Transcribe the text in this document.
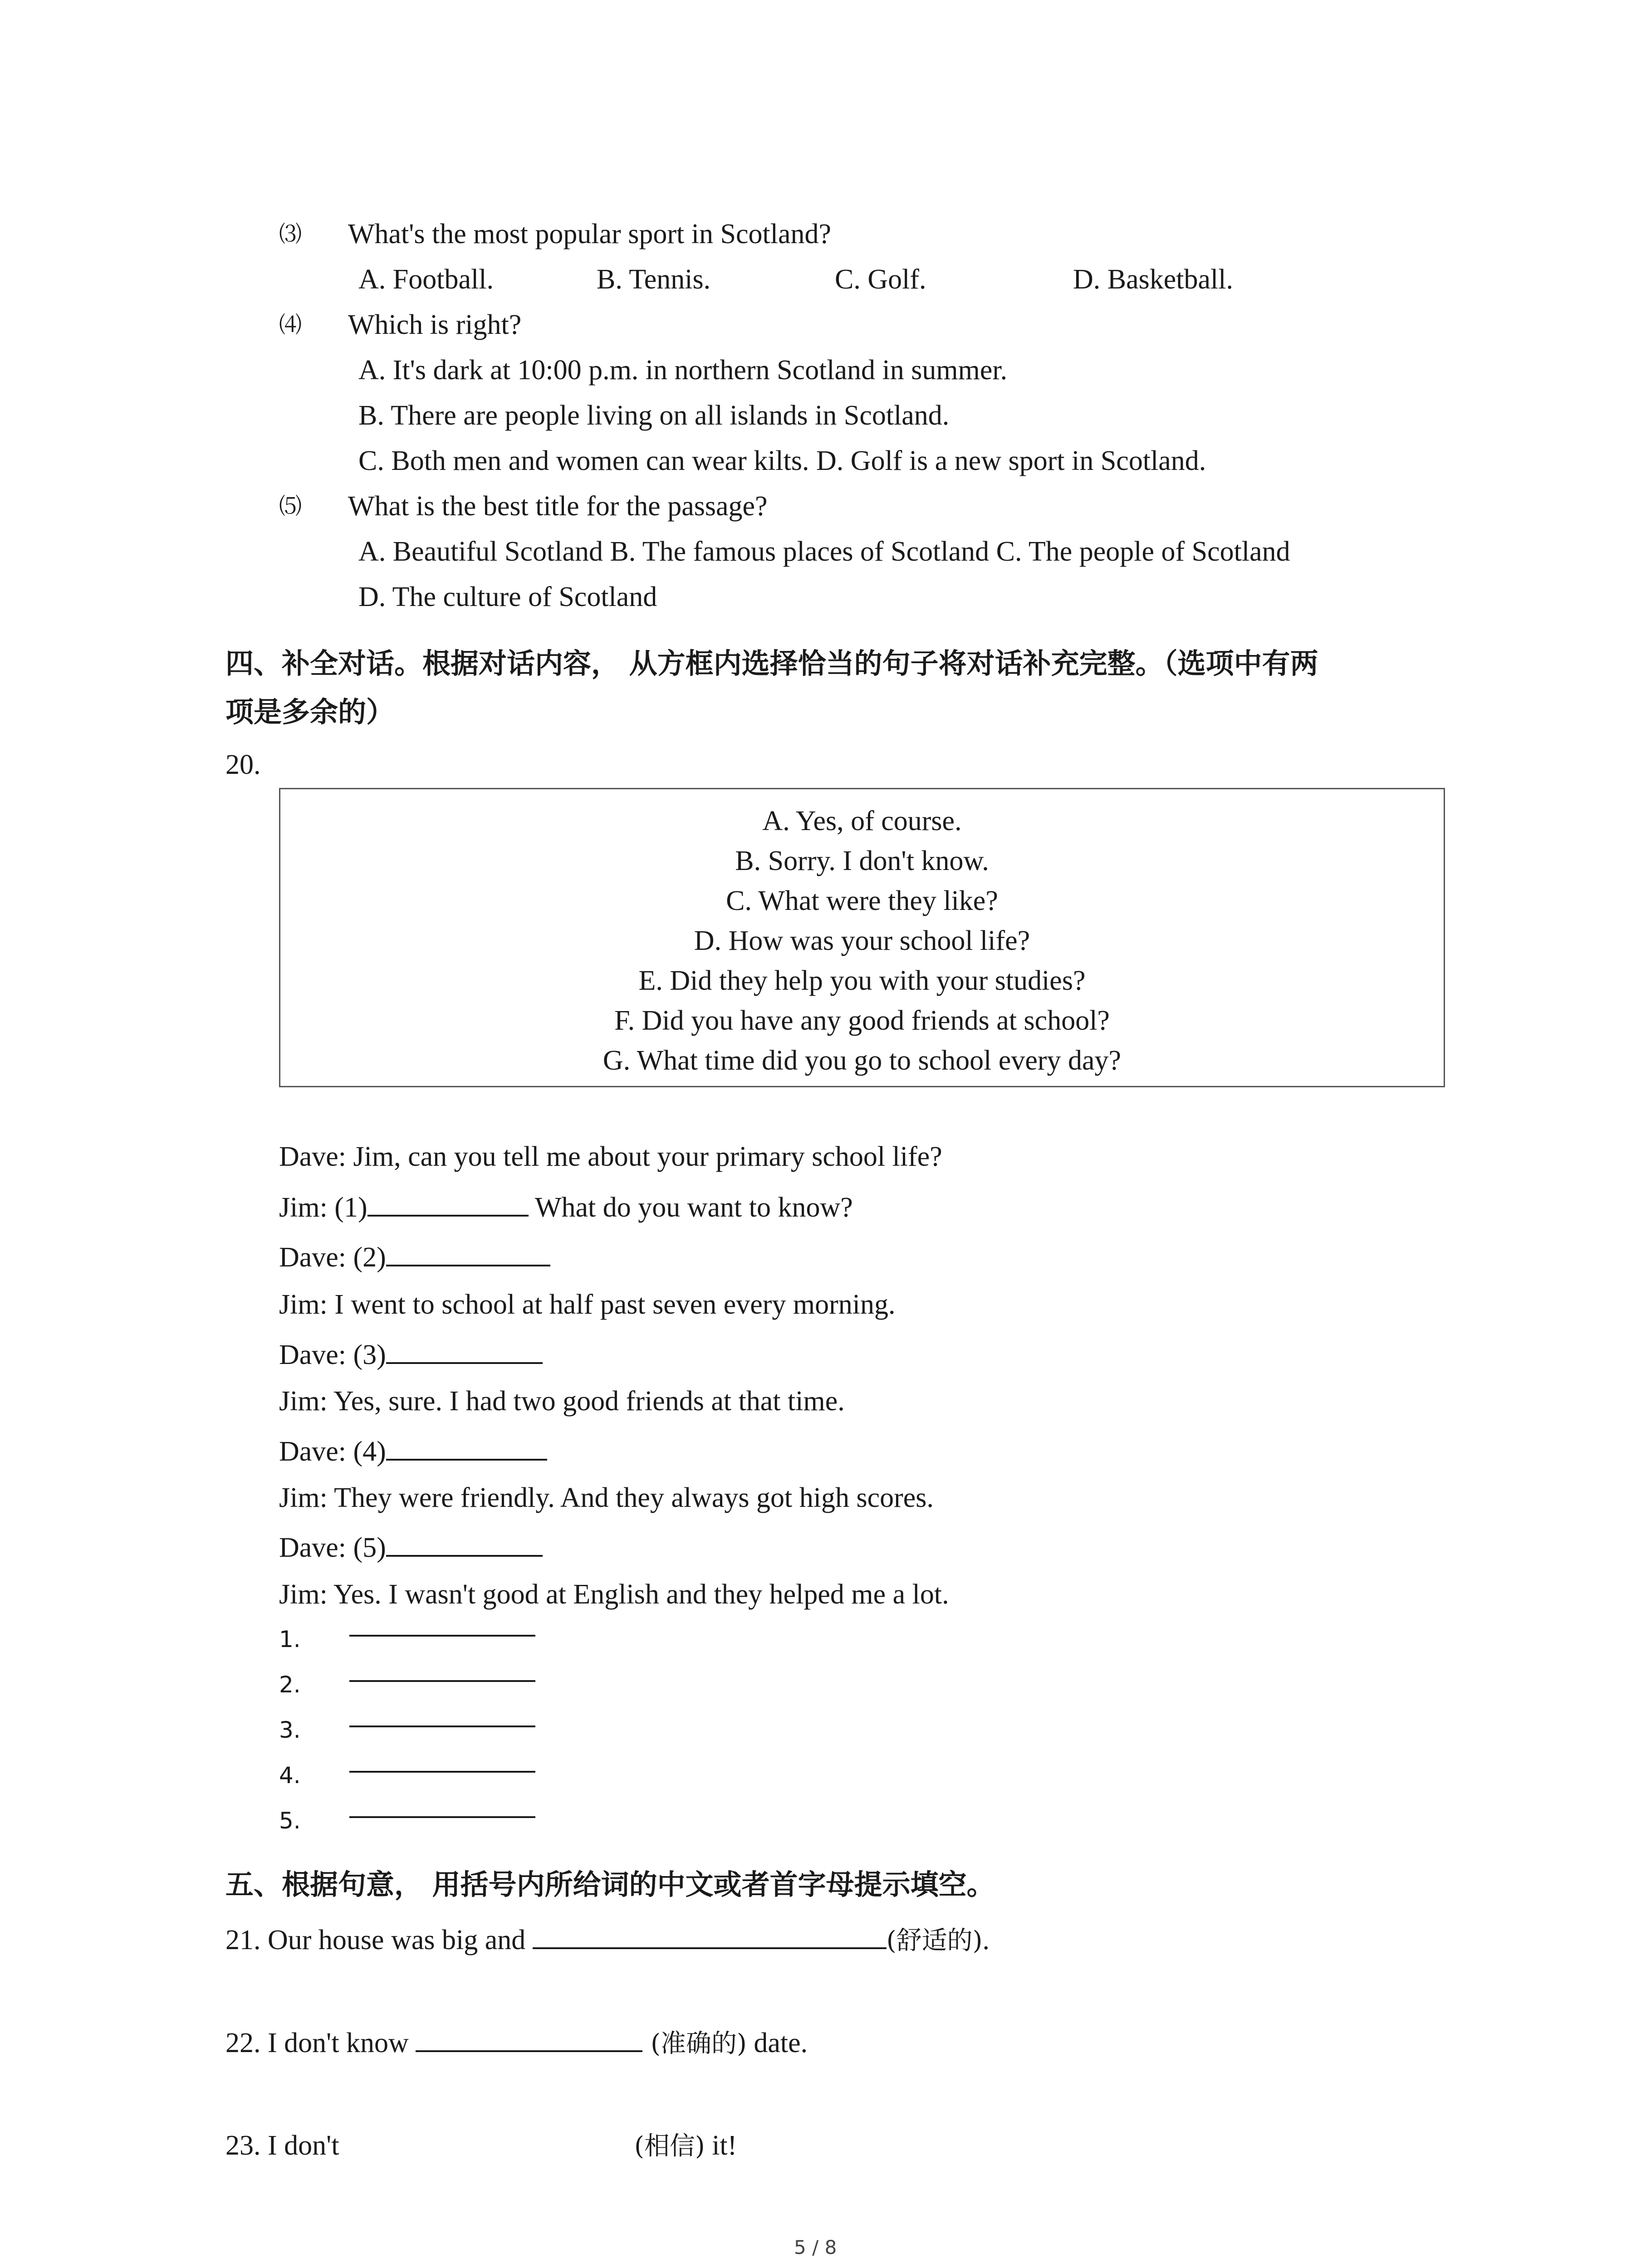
⑶ What's the most popular sport in Scotland?
A. Football.	B. Tennis.	C. Golf.	D. Basketball.
⑷ Which is right?
A. It's dark at 10:00 p.m. in northern Scotland in summer.
B. There are people living on all islands in Scotland.
C. Both men and women can wear kilts. D. Golf is a new sport in Scotland.
⑸ What is the best title for the passage?
A. Beautiful Scotland B. The famous places of Scotland C. The people of Scotland
D. The culture of Scotland
四、补全对话。根据对话内容， 从方框内选择恰当的句子将对话补充完整。（选项中有两
项是多余的）
20.
A. Yes, of course.
B. Sorry. I don't know.
C. What were they like?
D. How was your school life?
E. Did they help you with your studies?
F. Did you have any good friends at school?
G. What time did you go to school every day?
Dave: Jim, can you tell me about your primary school life?
Jim: (1)	What do you want to know?
Dave: (2)
Jim: I went to school at half past seven every morning.
Dave: (3)
Jim: Yes, sure. I had two good friends at that time.
Dave: (4)
Jim: They were friendly. And they always got high scores.
Dave: (5)
Jim: Yes. I wasn't good at English and they helped me a lot.
1.
2.
3.
4.
5.
五、根据句意， 用括号内所给词的中文或者首字母提示填空。
21. Our house was big and	(舒适的).
22. I don't know	(准确的) date.
23. I don't	(相信) it!
5 / 8
